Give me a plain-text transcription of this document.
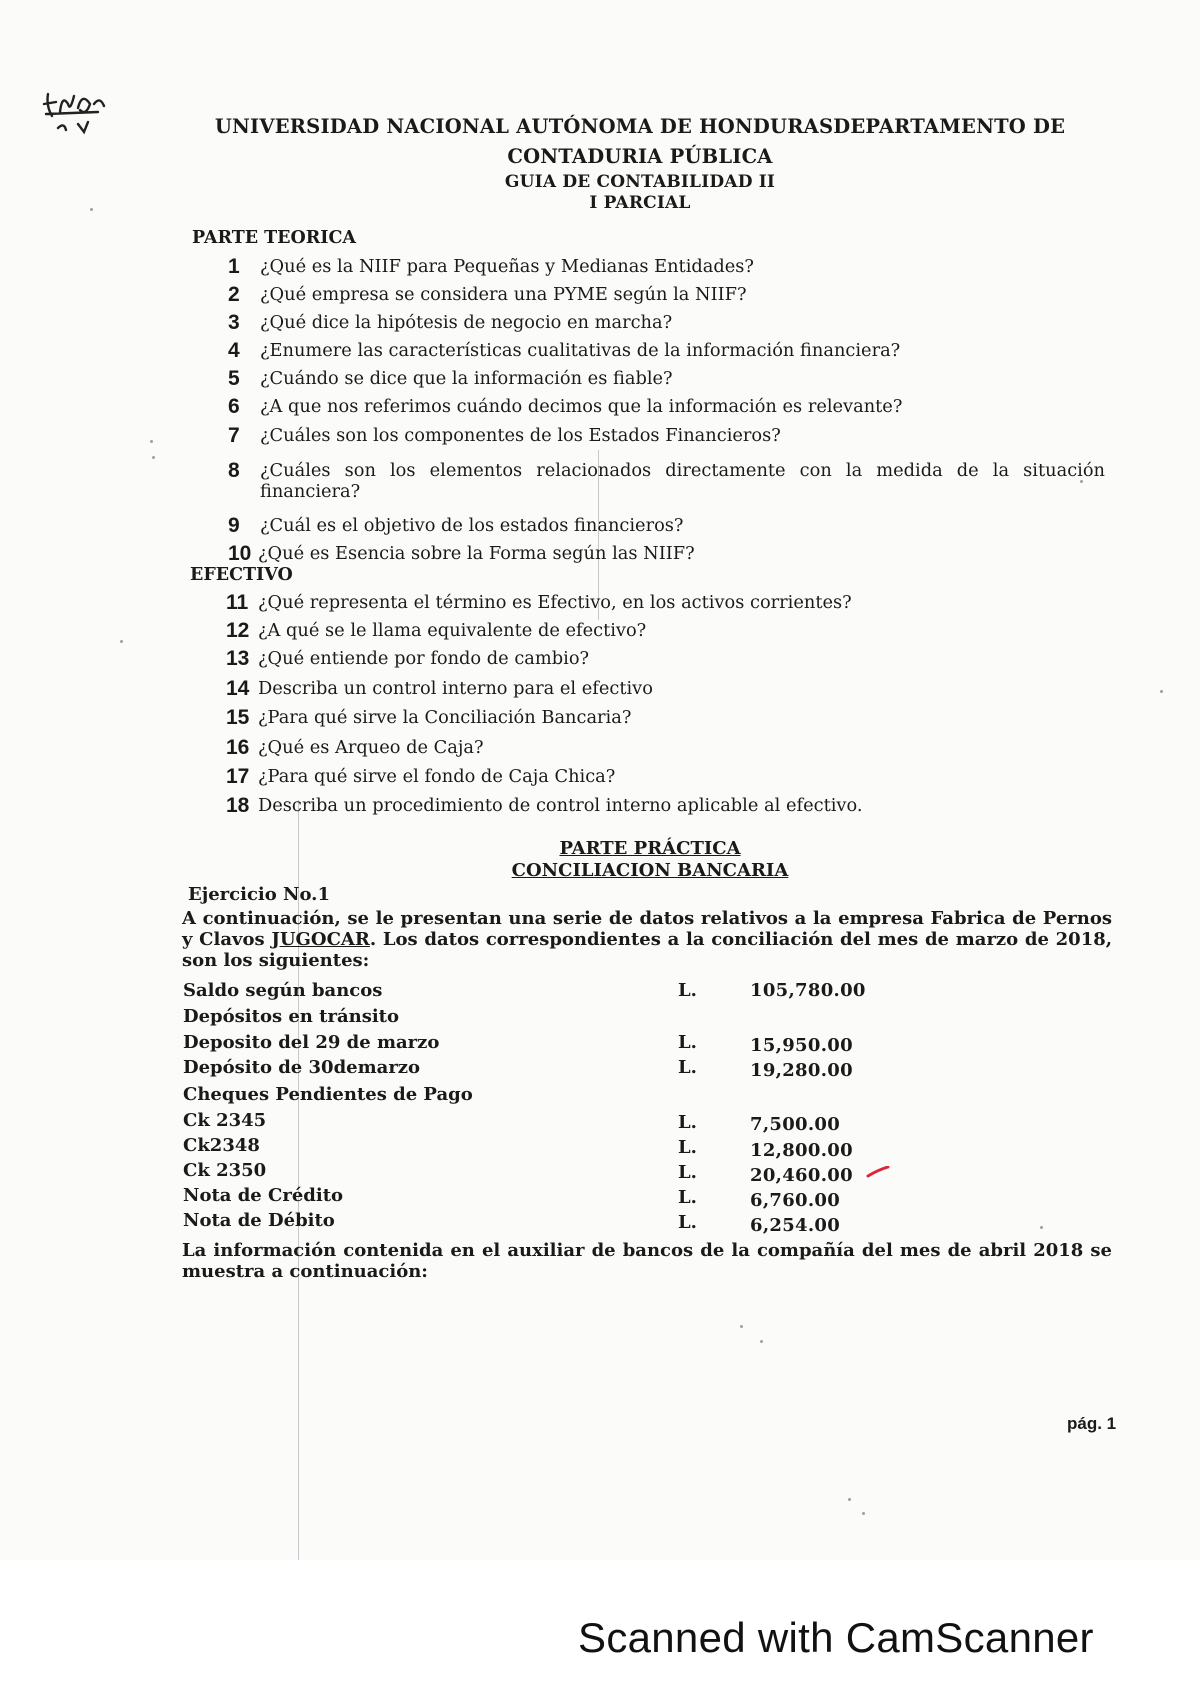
UNIVERSIDAD NACIONAL AUTÓNOMA DE HONDURASDEPARTAMENTO DE
CONTADURIA PÚBLICA
GUIA DE CONTABILIDAD II
I PARCIAL
PARTE TEORICA
1 ¿Qué es la NIIF para Pequeñas y Medianas Entidades?
2 ¿Qué empresa se considera una PYME según la NIIF?
3 ¿Qué dice la hipótesis de negocio en marcha?
4 ¿Enumere las características cualitativas de la información financiera?
5 ¿Cuándo se dice que la información es fiable?
6 ¿A que nos referimos cuándo decimos que la información es relevante?
7 ¿Cuáles son los componentes de los Estados Financieros?
8 ¿Cuáles son los elementos relacionados directamente con la medida de la situación financiera?
9 ¿Cuál es el objetivo de los estados financieros?
10 ¿Qué es Esencia sobre la Forma según las NIIF?
EFECTIVO
11 ¿Qué representa el término es Efectivo, en los activos corrientes?
12 ¿A qué se le llama equivalente de efectivo?
13 ¿Qué entiende por fondo de cambio?
14Describa un control interno para el efectivo
15 ¿Para qué sirve la Conciliación Bancaria?
16 ¿Qué es Arqueo de Caja?
17 ¿Para qué sirve el fondo de Caja Chica?
18 Describa un procedimiento de control interno aplicable al efectivo.
PARTE PRÁCTICA
CONCILIACION BANCARIA
Ejercicio No.1
A continuación, se le presentan una serie de datos relativos a la empresa Fabrica de Pernos y Clavos JUGOCAR. Los datos correspondientes a la conciliación del mes de marzo de 2018, son los siguientes:
Saldo según bancos	L.	105,780.00
Depósitos en tránsito
Deposito del 29 de marzo	L.	15,950.00
Depósito de 30demarzo	L.	19,280.00
Cheques Pendientes de Pago
Ck 2345	L.	7,500.00
Ck2348	L.	12,800.00
Ck 2350	L.	20,460.00
Nota de Crédito	L.	6,760.00
Nota de Débito	L.	6,254.00
La información contenida en el auxiliar de bancos de la compañía del mes de abril 2018 se muestra a continuación:
pág. 1
Scanned with CamScanner
